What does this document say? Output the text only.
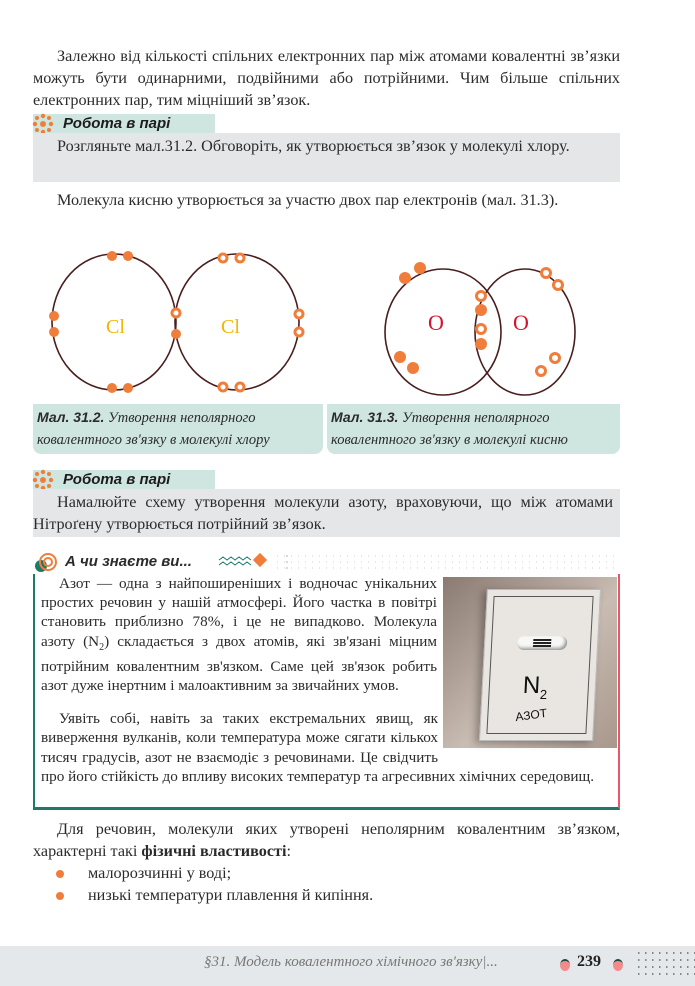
Залежно від кількості спільних електронних пар між атомами ковалентні зв’язки можуть бути одинарними, подвійними або потрійними. Чим більше спільних електронних пар, тим міцніший зв’язок.
Робота в парі
Розгляньте мал.31.2. Обговоріть, як утворюється зв’язок у молекулі хлору.
Молекула кисню утворюється за участю двох пар електронів (мал. 31.3).
Cl	Cl	O	O
Мал. 31.2. Утворення неполярного ковалентного зв'язку в молекулі хлору
Мал. 31.3. Утворення неполярного ковалентного зв'язку в молекулі кисню
Робота в парі
Намалюйте схему утворення молекули азоту, враховуючи, що між атомами Нітроґену утворюється потрійний зв’язок.
А чи знаєте ви...
$N_2$
АЗОТ
Азот — одна з найпоширеніших і водночас унікальних простих речовин у нашій атмосфері. Його частка в повітрі становить приблизно 78%, і це не випадково. Молекула азоту $(N_2)$ складається з двох атомів, які зв'язані міцним потрійним ковалентним зв'язком. Саме цей зв'язок робить азот дуже інертним і малоактивним за звичайних умов.
Уявіть собі, навіть за таких екстремальних явищ, як виверження вулканів, коли температура може сягати кількох тисяч градусів, азот не взаємодіє з речовинами. Це свідчить про його стійкість до впливу високих температур та агресивних хімічних середовищ.
Для речовин, молекули яких утворені неполярним ковалентним зв’язком, характерні такі фізичні властивості:
малорозчинні у воді;
низькі температури плавлення й кипіння.
§31. Модель ковалентного хімічного зв'язку|...	239
